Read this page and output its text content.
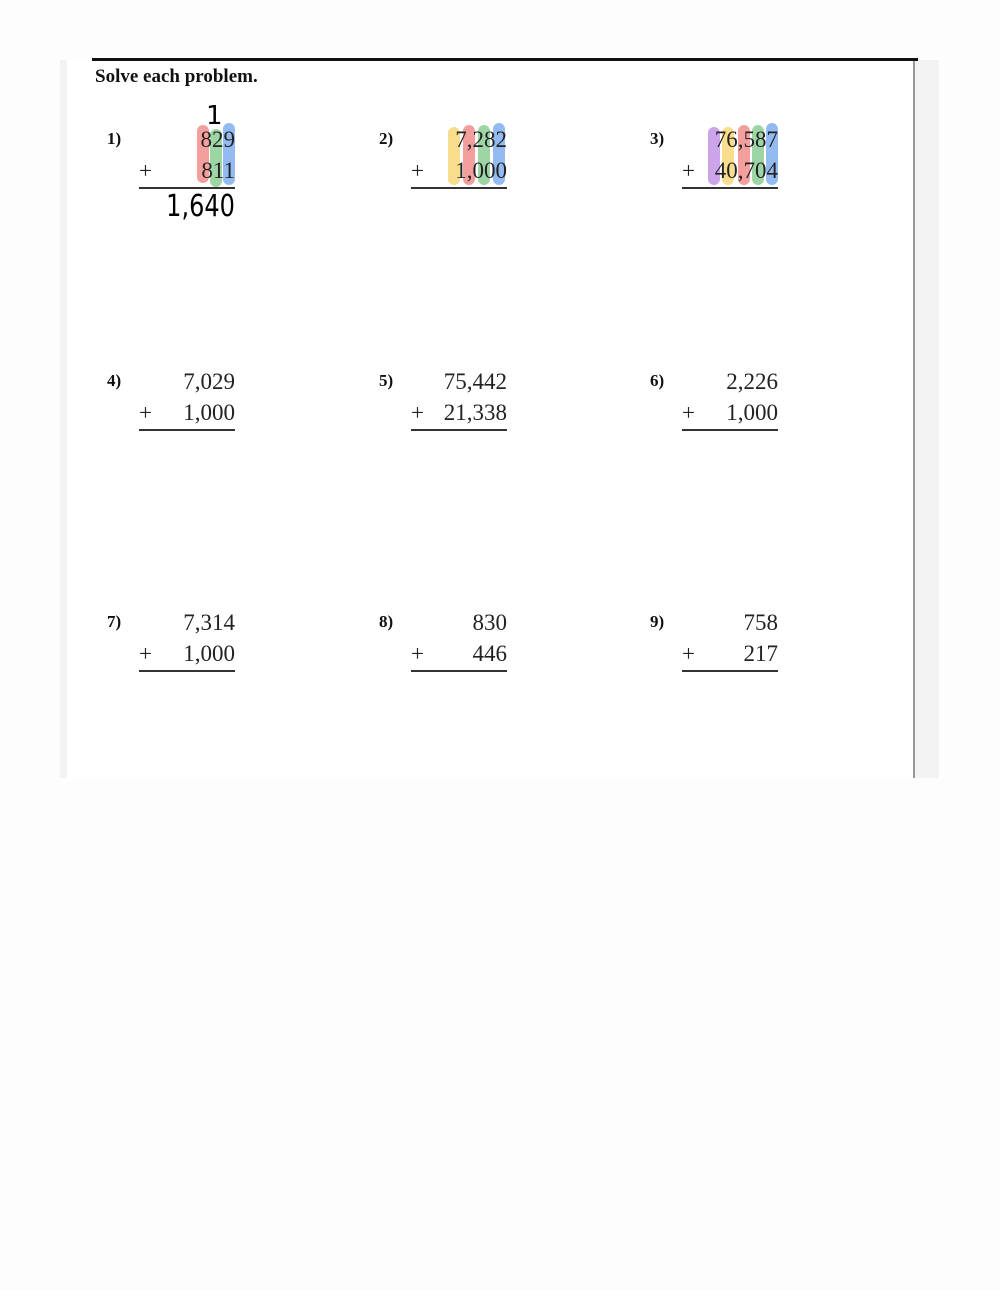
Solve each problem.
1)
1
829
+ 811
1,640
2)	7,282
+ 1,000
3) 76,587
+ 40,704
4)	7,029
+ 1,000
5) 75,442
+ 21,338
6)	2,226
+ 1,000
7)	7,314
+ 1,000
8)	830
+ 446
9)	758
+ 217
